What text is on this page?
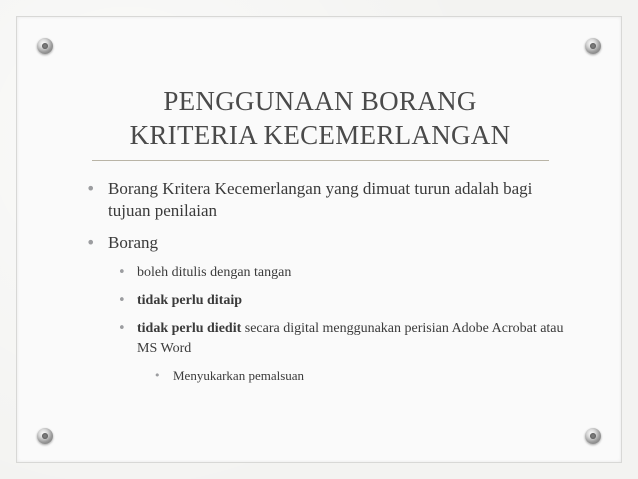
PENGGUNAAN BORANG
KRITERIA KECEMERLANGAN
• Borang Kritera Kecemerlangan yang dimuat turun adalah bagi tujuan penilaian
• Borang
• boleh ditulis dengan tangan
• tidak perlu ditaip
• tidak perlu diedit secara digital menggunakan perisian Adobe Acrobat atau MS Word
• Menyukarkan pemalsuan
